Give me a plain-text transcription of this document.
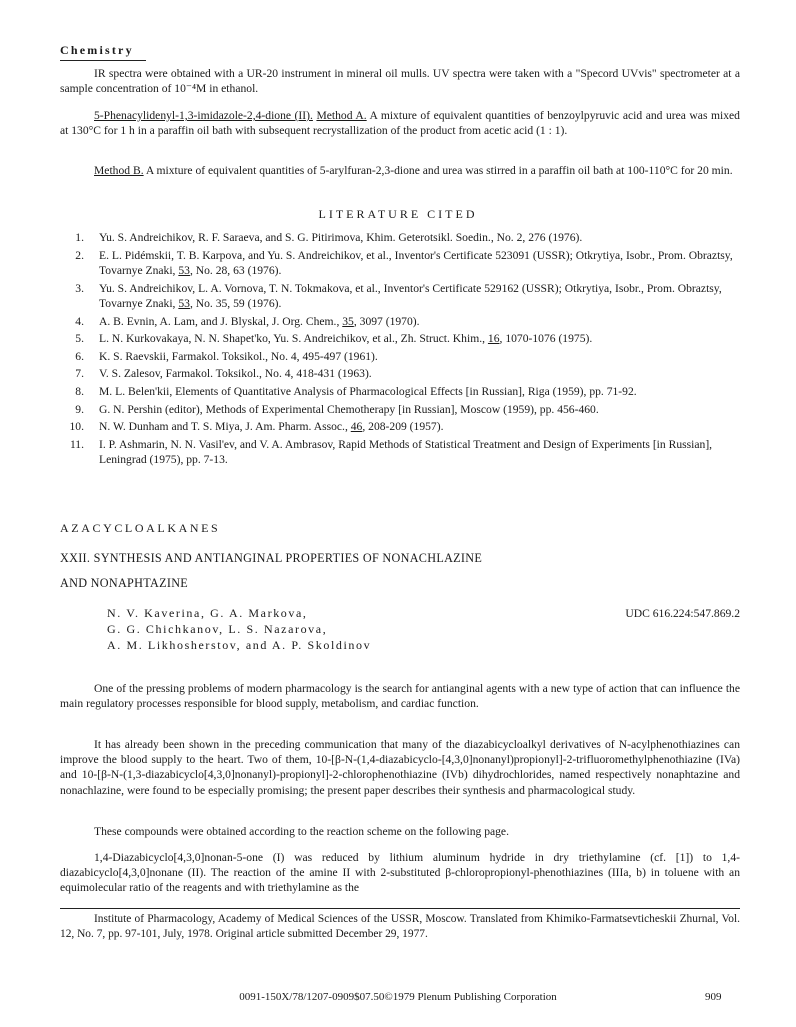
Chemistry

IR spectra were obtained with a UR-20 instrument in mineral oil mulls. UV spectra were taken with a "Specord UVvis" spectrometer at a sample concentration of 10⁻⁴M in ethanol.

5-Phenacylidenyl-1,3-imidazole-2,4-dione (II). Method A. A mixture of equivalent quantities of benzoylpyruvic acid and urea was mixed at 130°C for 1 h in a paraffin oil bath with subsequent recrystallization of the product from acetic acid (1 : 1).

Method B. A mixture of equivalent quantities of 5-arylfuran-2,3-dione and urea was stirred in a paraffin oil bath at 100-110°C for 20 min.

LITERATURE CITED
1. Yu. S. Andreichikov, R. F. Saraeva, and S. G. Pitirimova, Khim. Geterotsikl. Soedin., No. 2, 276 (1976).
2. E. L. Pidémskii, T. B. Karpova, and Yu. S. Andreichikov, et al., Inventor's Certificate 523091 (USSR); Otkrytiya, Isobr., Prom. Obraztsy, Tovarnye Znaki, 53, No. 28, 63 (1976).
3. Yu. S. Andreichikov, L. A. Vornova, T. N. Tokmakova, et al., Inventor's Certificate 529162 (USSR); Otkrytiya, Isobr., Prom. Obraztsy, Tovarnye Znaki, 53, No. 35, 59 (1976).
4. A. B. Evnin, A. Lam, and J. Blyskal, J. Org. Chem., 35, 3097 (1970).
5. L. N. Kurkovakaya, N. N. Shapet'ko, Yu. S. Andreichikov, et al., Zh. Struct. Khim., 16, 1070-1076 (1975).
6. K. S. Raevskii, Farmakol. Toksikol., No. 4, 495-497 (1961).
7. V. S. Zalesov, Farmakol. Toksikol., No. 4, 418-431 (1963).
8. M. L. Belen'kii, Elements of Quantitative Analysis of Pharmacological Effects [in Russian], Riga (1959), pp. 71-92.
9. G. N. Pershin (editor), Methods of Experimental Chemotherapy [in Russian], Moscow (1959), pp. 456-460.
10. N. W. Dunham and T. S. Miya, J. Am. Pharm. Assoc., 46, 208-209 (1957).
11. I. P. Ashmarin, N. N. Vasil'ev, and V. A. Ambrasov, Rapid Methods of Statistical Treatment and Design of Experiments [in Russian], Leningrad (1975), pp. 7-13.
AZACYCLOALKANES
XXII. SYNTHESIS AND ANTIANGINAL PROPERTIES OF NONACHLAZINE
AND NONAPHTAZINE
N. V. Kaverina, G. A. Markova,
G. G. Chichkanov, L. S. Nazarova,
A. M. Likhosherstov, and A. P. Skoldinov
UDC 616.224:547.869.2

One of the pressing problems of modern pharmacology is the search for antianginal agents with a new type of action that can influence the main regulatory processes responsible for blood supply, metabolism, and cardiac function.

It has already been shown in the preceding communication that many of the diazabicycloalkyl derivatives of N-acylphenothiazines can improve the blood supply to the heart. Two of them, 10-[β-N-(1,4-diazabicyclo-[4,3,0]nonanyl)propionyl]-2-trifluoromethylphenothiazine (IVa) and 10-[β-N-(1,3-diazabicyclo[4,3,0]nonanyl)-propionyl]-2-chlorophenothiazine (IVb) dihydrochlorides, named respectively nonaphtazine and nonachlazine, were found to be especially promising; the present paper describes their synthesis and pharmacological study.

These compounds were obtained according to the reaction scheme on the following page.

1,4-Diazabicyclo[4,3,0]nonan-5-one (I) was reduced by lithium aluminum hydride in dry triethylamine (cf. [1]) to 1,4-diazabicyclo[4,3,0]nonane (II). The reaction of the amine II with 2-substituted β-chloropropionyl-phenothiazines (IIIa, b) in toluene with an equimolecular ratio of the reagents and with triethylamine as the

Institute of Pharmacology, Academy of Medical Sciences of the USSR, Moscow. Translated from Khimiko-Farmatsevticheskii Zhurnal, Vol. 12, No. 7, pp. 97-101, July, 1978. Original article submitted December 29, 1977.

0091-150X/78/1207-0909$07.50©1979 Plenum Publishing Corporation	909
